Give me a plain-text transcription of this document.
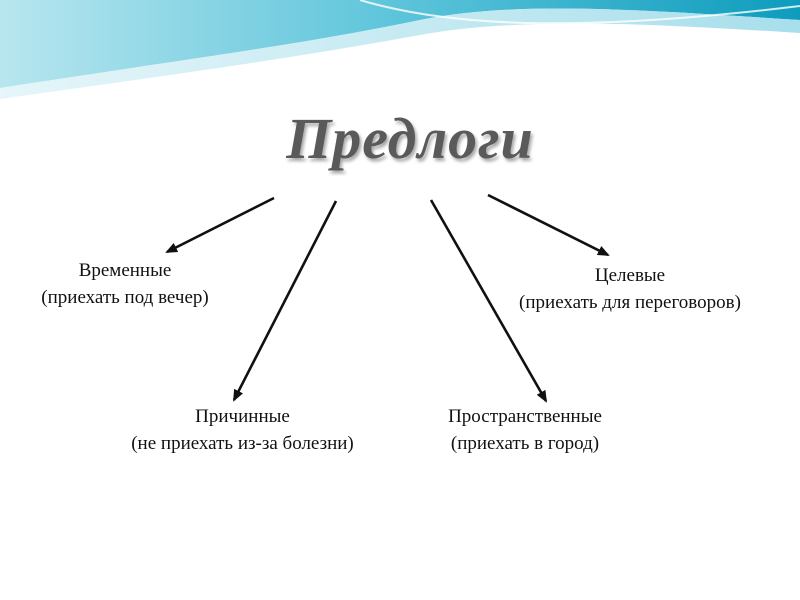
Предлоги
Временные
(приехать под вечер)
Целевые
(приехать для переговоров)
Причинные
(не приехать из-за болезни)
Пространственные
(приехать в город)
